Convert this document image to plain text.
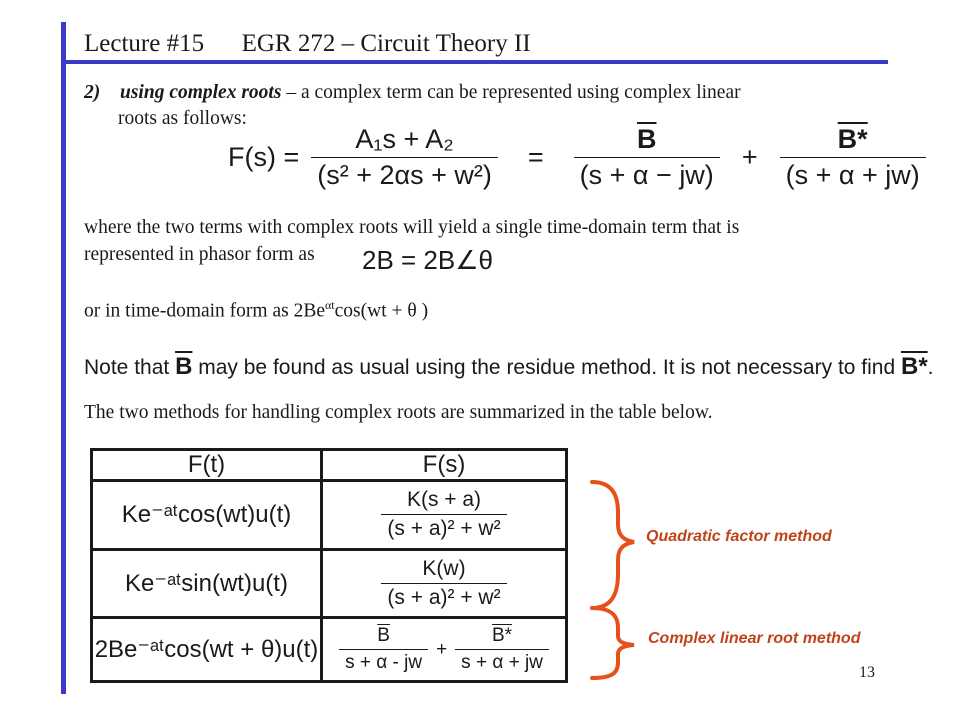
Lecture #15      EGR 272 – Circuit Theory II
2) using complex roots – a complex term can be represented using complex linear
roots as follows:
$F(s) = \frac{\text{A₁s + A₂}}{\text{(s² + 2αs + w²)}} = \frac{\overline{B}}{(s + \alpha - jw)} + \frac{B*}{(s + \alpha + jw)}$
where the two terms with complex roots will yield a single time-domain term that is
represented in phasor form as 2B = 2B∠θ
or in time-domain form as $2Be^{\alpha t}\cos(wt + \theta$ )
Note that $\overline{B}$ may be found as usual using the residue method. It is not necessary to find B*.
The two methods for handling complex roots are summarized in the table below.
F(t)	F(s)
Ke⁻ᵃᵗcos(wt)u(t)	$\frac{K(s + a)}{\text{(s + a)² + w²}}$

Ke⁻ᵃᵗsin(wt)u(t)	$\frac{K(w)}{\text{(s + a)² + w²}}$

2Be⁻ᵃᵗcos(wt + θ)u(t)	$\frac{\overline{B}}{s + \alpha - jw} + \frac{B*}{s + \alpha + jw}$
Quadratic factor method
Complex linear root method
13
